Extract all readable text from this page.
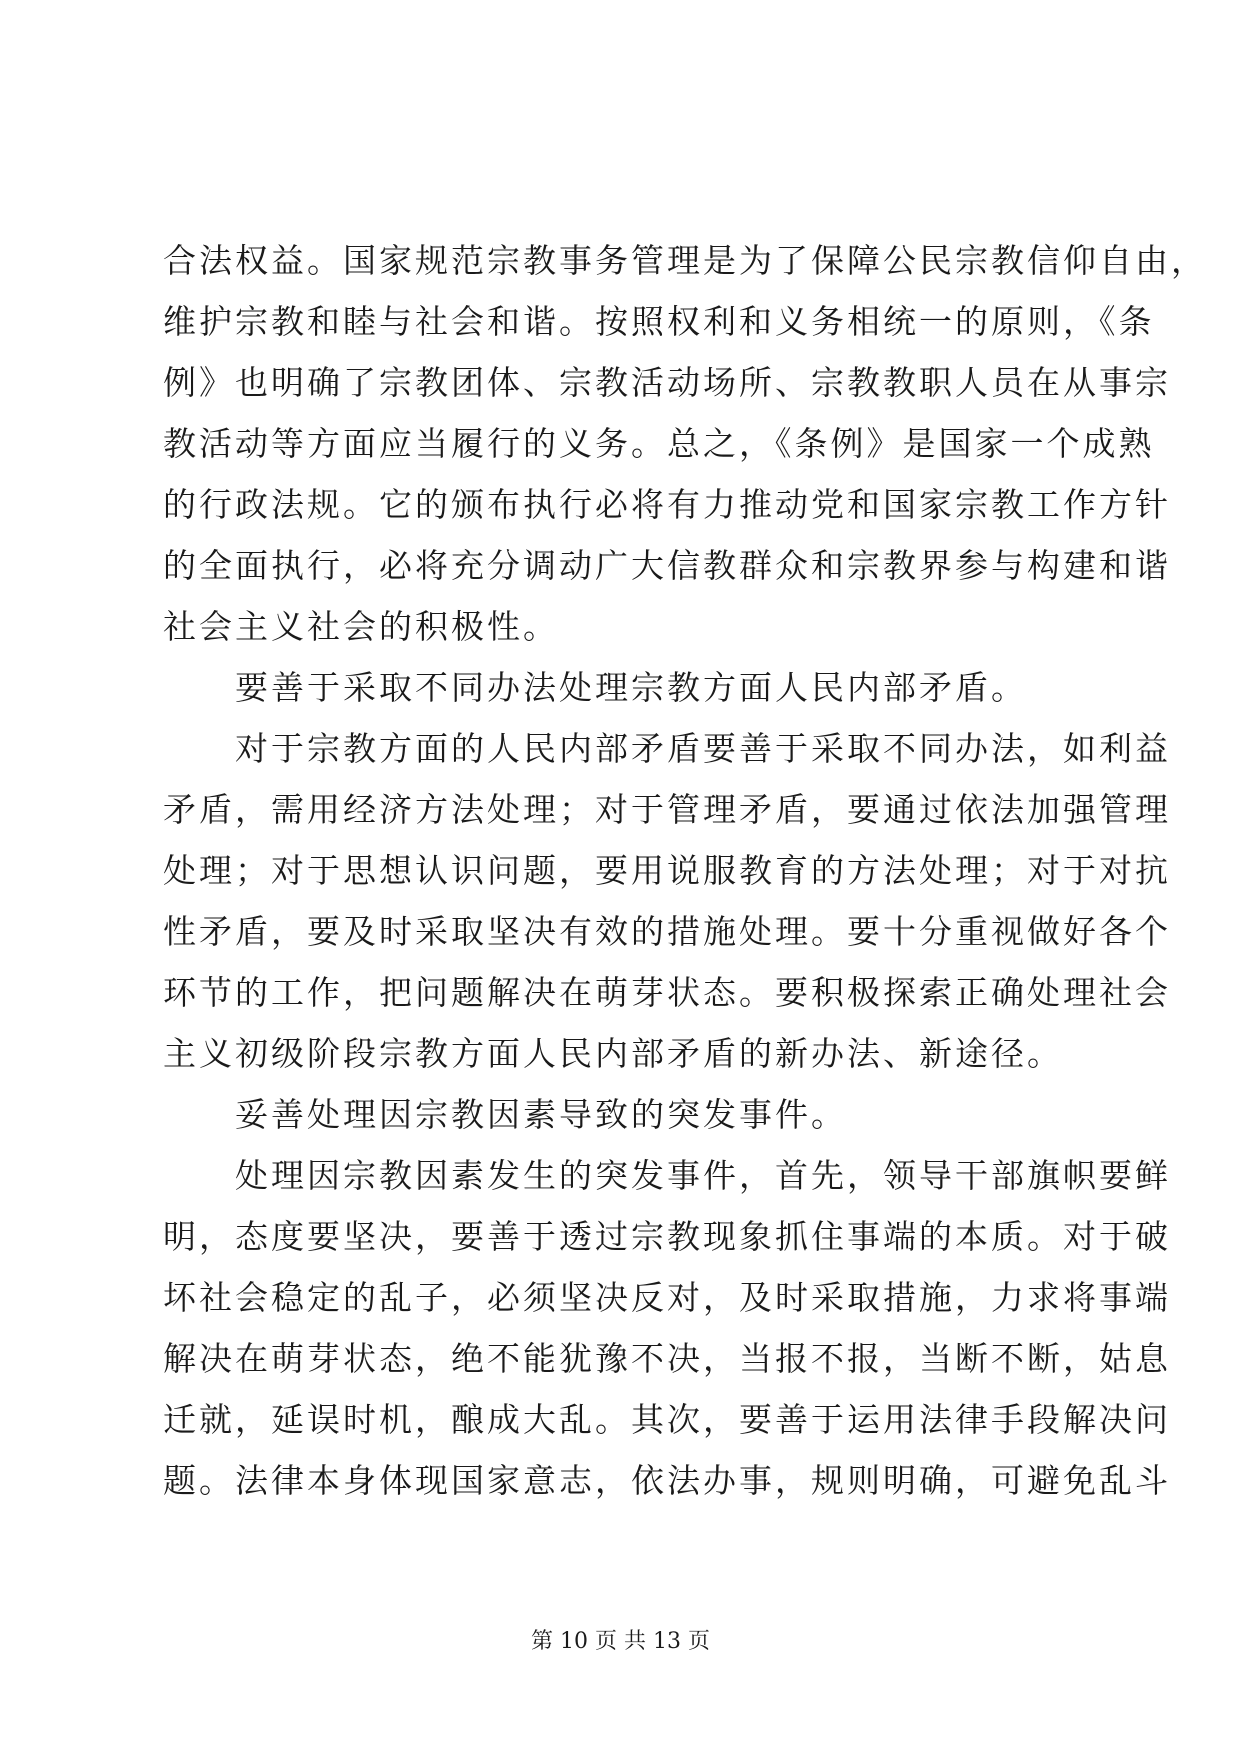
合法权益。国家规范宗教事务管理是为了保障公民宗教信仰自由，
维护宗教和睦与社会和谐。按照权利和义务相统一的原则，《条
例》也明确了宗教团体、宗教活动场所、宗教教职人员在从事宗
教活动等方面应当履行的义务。总之，《条例》是国家一个成熟
的行政法规。它的颁布执行必将有力推动党和国家宗教工作方针
的全面执行，必将充分调动广大信教群众和宗教界参与构建和谐
社会主义社会的积极性。
要善于采取不同办法处理宗教方面人民内部矛盾。
对于宗教方面的人民内部矛盾要善于采取不同办法，如利益
矛盾，需用经济方法处理；对于管理矛盾，要通过依法加强管理
处理；对于思想认识问题，要用说服教育的方法处理；对于对抗
性矛盾，要及时采取坚决有效的措施处理。要十分重视做好各个
环节的工作，把问题解决在萌芽状态。要积极探索正确处理社会
主义初级阶段宗教方面人民内部矛盾的新办法、新途径。
妥善处理因宗教因素导致的突发事件。
处理因宗教因素发生的突发事件，首先，领导干部旗帜要鲜
明，态度要坚决，要善于透过宗教现象抓住事端的本质。对于破
坏社会稳定的乱子，必须坚决反对，及时采取措施，力求将事端
解决在萌芽状态，绝不能犹豫不决，当报不报，当断不断，姑息
迁就，延误时机，酿成大乱。其次，要善于运用法律手段解决问
题。法律本身体现国家意志，依法办事，规则明确，可避免乱斗
第 10 页 共 13 页
